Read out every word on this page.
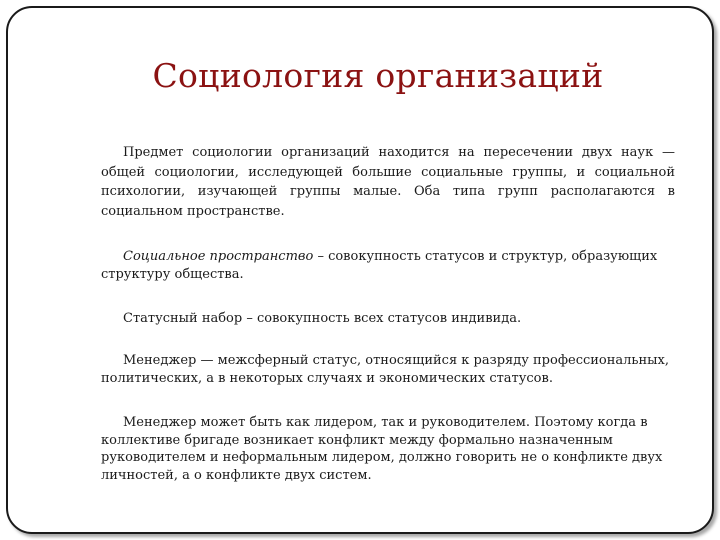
Социология организаций
Предмет социологии организаций находится на пересечении двух наук — общей социологии, исследующей большие социальные группы, и социальной психологии, изучающей группы малые. Оба типа групп располагаются в социальном пространстве.
Социальное пространство – совокупность статусов и структур, образующих структуру общества.
Статусный набор – совокупность всех статусов индивида.
Менеджер — межсферный статус, относящийся к разряду профессиональных, политических, а в некоторых случаях и экономических статусов.
Менеджер может быть как лидером, так и руководителем. Поэтому когда в коллективе бригаде возникает конфликт между формально назначенным руководителем и неформальным лидером, должно говорить не о конфликте двух личностей, а о конфликте двух систем.
